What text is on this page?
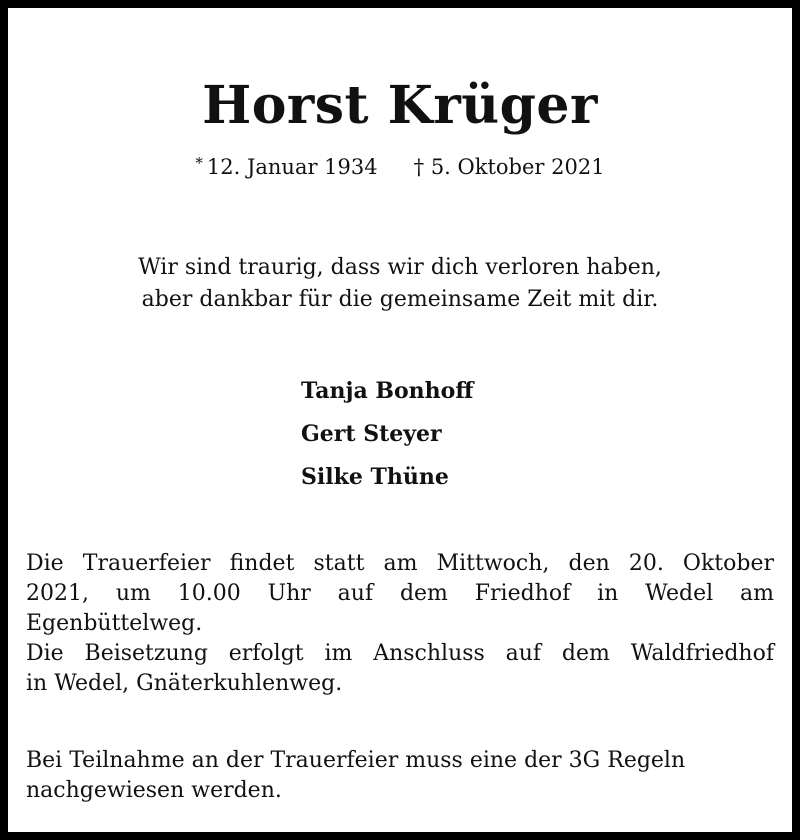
Horst Krüger
* 12. Januar 1934 † 5. Oktober 2021
Wir sind traurig, dass wir dich verloren haben,
aber dankbar für die gemeinsame Zeit mit dir.
Tanja Bonhoff
Gert Steyer
Silke Thüne
Die Trauerfeier findet statt am Mittwoch, den 20. Oktober
2021, um 10.00 Uhr auf dem Friedhof in Wedel am
Egenbüttelweg.
Die Beisetzung erfolgt im Anschluss auf dem Waldfriedhof
in Wedel, Gnäterkuhlenweg.
Bei Teilnahme an der Trauerfeier muss eine der 3G Regeln
nachgewiesen werden.
